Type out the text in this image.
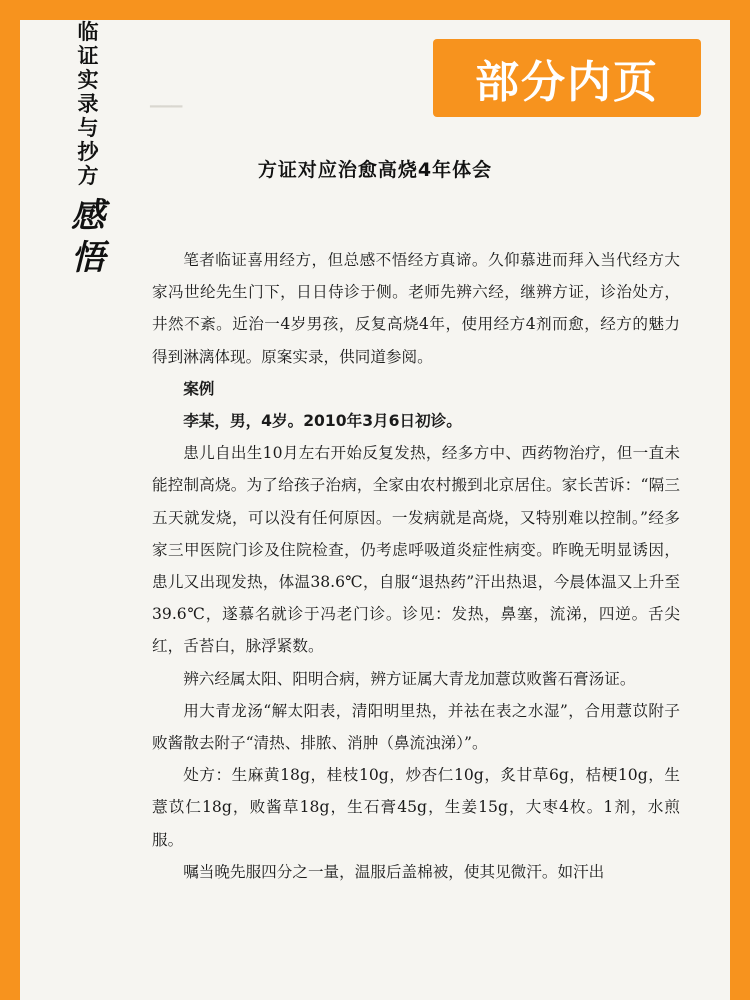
临
证
实
录
与
抄
方
感
悟
部分内页
▁▁▁
方证对应治愈高烧4年体会

笔者临证喜用经方，但总感不悟经方真谛。久仰慕进而拜入当代经方大家冯世纶先生门下，日日侍诊于侧。老师先辨六经，继辨方证，诊治处方，井然不紊。近治一4岁男孩，反复高烧4年，使用经方4剂而愈，经方的魅力得到淋漓体现。原案实录，供同道参阅。

案例

李某，男，4岁。2010年3月6日初诊。

患儿自出生10月左右开始反复发热，经多方中、西药物治疗，但一直未能控制高烧。为了给孩子治病，全家由农村搬到北京居住。家长苦诉：“隔三五天就发烧，可以没有任何原因。一发病就是高烧，又特别难以控制。”经多家三甲医院门诊及住院检查，仍考虑呼吸道炎症性病变。昨晚无明显诱因，患儿又出现发热，体温38.6℃，自服“退热药”汗出热退，今晨体温又上升至39.6℃，遂慕名就诊于冯老门诊。诊见：发热，鼻塞，流涕，四逆。舌尖红，舌苔白，脉浮紧数。

辨六经属太阳、阳明合病，辨方证属大青龙加薏苡败酱石膏汤证。

用大青龙汤“解太阳表，清阳明里热，并祛在表之水湿”，合用薏苡附子败酱散去附子“清热、排脓、消肿（鼻流浊涕）”。

处方：生麻黄18g，桂枝10g，炒杏仁10g，炙甘草6g，桔梗10g，生薏苡仁18g，败酱草18g，生石膏45g，生姜15g，大枣4枚。1剂，水煎服。

嘱当晚先服四分之一量，温服后盖棉被，使其见微汗。如汗出
